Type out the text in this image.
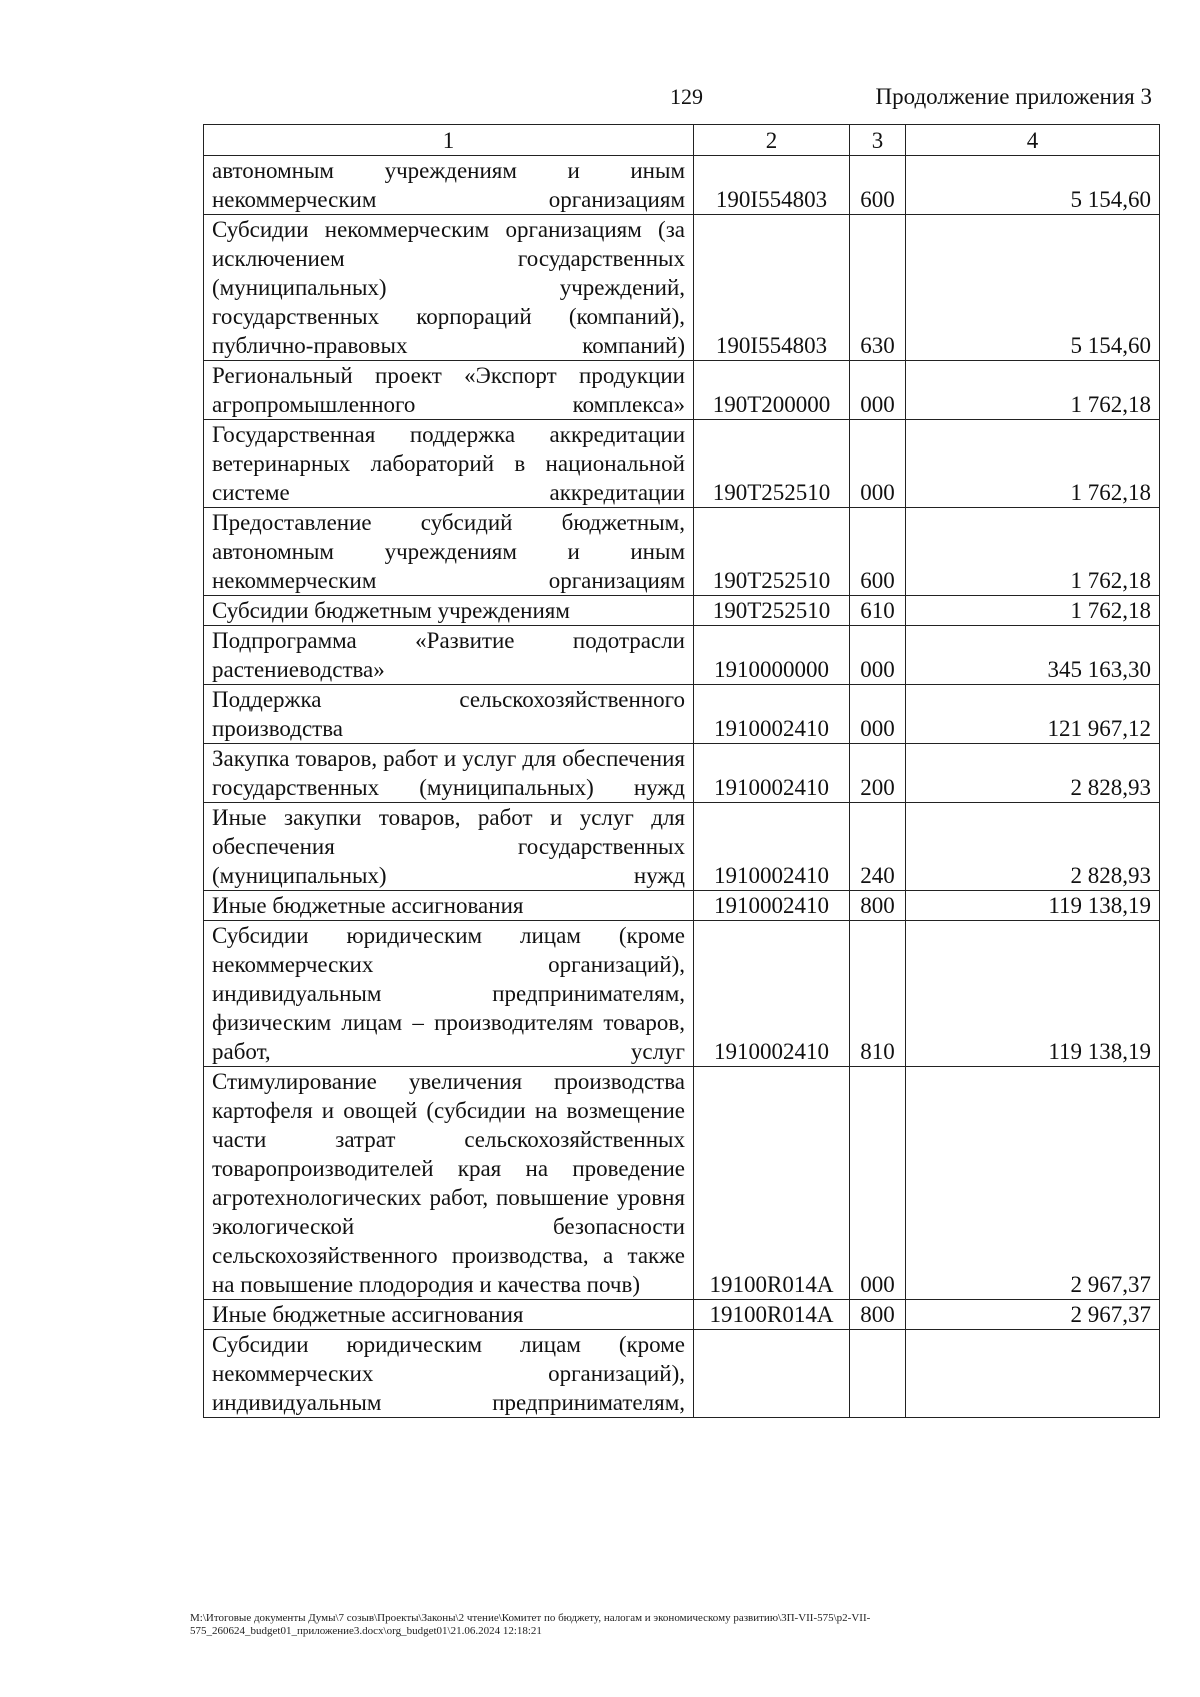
129	Продолжение приложения 3
1	2	3	4
автономным учреждениям и иным некоммерческим организациям	190I554803	600	5 154,60
Субсидии некоммерческим организациям (за исключением государственных (муниципальных) учреждений, государственных корпораций (компаний), публично-правовых компаний)	190I554803	630	5 154,60
Региональный проект «Экспорт продукции агропромышленного комплекса»	190T200000	000	1 762,18
Государственная поддержка аккредитации ветеринарных лабораторий в национальной системе аккредитации	190T252510	000	1 762,18
Предоставление субсидий бюджетным, автономным учреждениям и иным некоммерческим организациям	190T252510	600	1 762,18
Субсидии бюджетным учреждениям	190T252510	610	1 762,18
Подпрограмма «Развитие подотрасли растениеводства»	1910000000	000	345 163,30
Поддержка сельскохозяйственного производства	1910002410	000	121 967,12
Закупка товаров, работ и услуг для обеспечения государственных (муниципальных) нужд	1910002410	200	2 828,93
Иные закупки товаров, работ и услуг для обеспечения государственных (муниципальных) нужд	1910002410	240	2 828,93
Иные бюджетные ассигнования	1910002410	800	119 138,19
Субсидии юридическим лицам (кроме некоммерческих организаций), индивидуальным предпринимателям, физическим лицам – производителям товаров, работ, услуг	1910002410	810	119 138,19
Стимулирование увеличения производства картофеля и овощей (субсидии на возмещение части затрат сельскохозяйственных товаропроизводителей края на проведение агротехнологических работ, повышение уровня экологической безопасности сельскохозяйственного производства, а также на повышение плодородия и качества почв)	19100R014A	000	2 967,37
Иные бюджетные ассигнования	19100R014A	800	2 967,37
Субсидии юридическим лицам (кроме некоммерческих организаций), индивидуальным предпринимателям,			
M:\Итоговые документы Думы\7 созыв\Проекты\Законы\2 чтение\Комитет по бюджету, налогам и экономическому развитию\3П-VII-575\р2-VII-575_260624_budget01_приложение3.docx\org_budget01\21.06.2024 12:18:21
